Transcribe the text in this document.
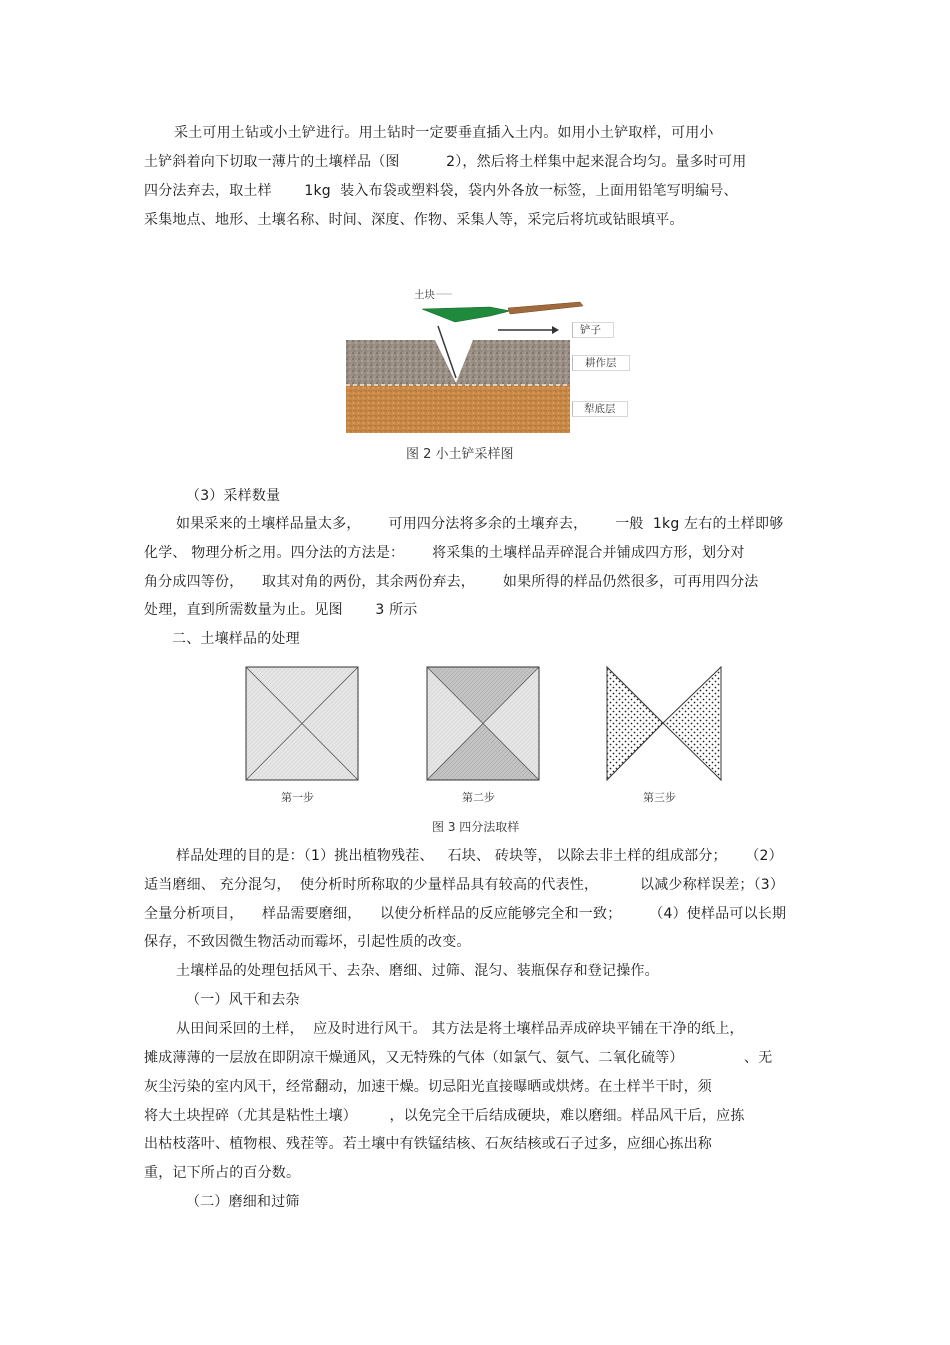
采土可用土钻或小土铲进行。用土钻时一定要垂直插入土内。如用小土铲取样，可用小
土铲斜着向下切取一薄片的土壤样品（图          2），然后将土样集中起来混合均匀。量多时可用
四分法弃去，取土样       1kg  装入布袋或塑料袋，袋内外各放一标签，上面用铅笔写明编号、
采集地点、地形、土壤名称、时间、深度、作物、采集人等，采完后将坑或钻眼填平。
土块
铲子
耕作层
犁底层
图 2 小土铲采样图
（3）采样数量
如果采来的土壤样品量太多，      可用四分法将多余的土壤弃去，      一般  1kg 左右的土样即够
化学、 物理分析之用。四分法的方法是：      将采集的土壤样品弄碎混合并铺成四方形，划分对
角分成四等份，    取其对角的两份，其余两份弃去，      如果所得的样品仍然很多，可再用四分法
处理，直到所需数量为止。见图       3 所示
二、土壤样品的处理
第一步	第二步	第三步
图 3 四分法取样
样品处理的目的是：（1）挑出植物残茬、   石块、 砖块等， 以除去非土样的组成部分；    （2）
适当磨细、 充分混匀，  使分析时所称取的少量样品具有较高的代表性，         以减少称样误差；（3）
全量分析项目，    样品需要磨细，    以使分析样品的反应能够完全和一致；      （4）使样品可以长期
保存，不致因微生物活动而霉坏，引起性质的改变。
土壤样品的处理包括风干、去杂、磨细、过筛、混匀、装瓶保存和登记操作。
（一）风干和去杂
从田间采回的土样，  应及时进行风干。 其方法是将土壤样品弄成碎块平铺在干净的纸上，
摊成薄薄的一层放在即阴凉干燥通风，又无特殊的气体（如氯气、氨气、二氧化硫等）             、无
灰尘污染的室内风干，经常翻动，加速干燥。切忌阳光直接曝晒或烘烤。在土样半干时，须
将大土块捏碎（尤其是粘性土壤）       ，以免完全干后结成硬块，难以磨细。样品风干后，应拣
出枯枝落叶、植物根、残茬等。若土壤中有铁锰结核、石灰结核或石子过多，应细心拣出称
重，记下所占的百分数。
（二）磨细和过筛
